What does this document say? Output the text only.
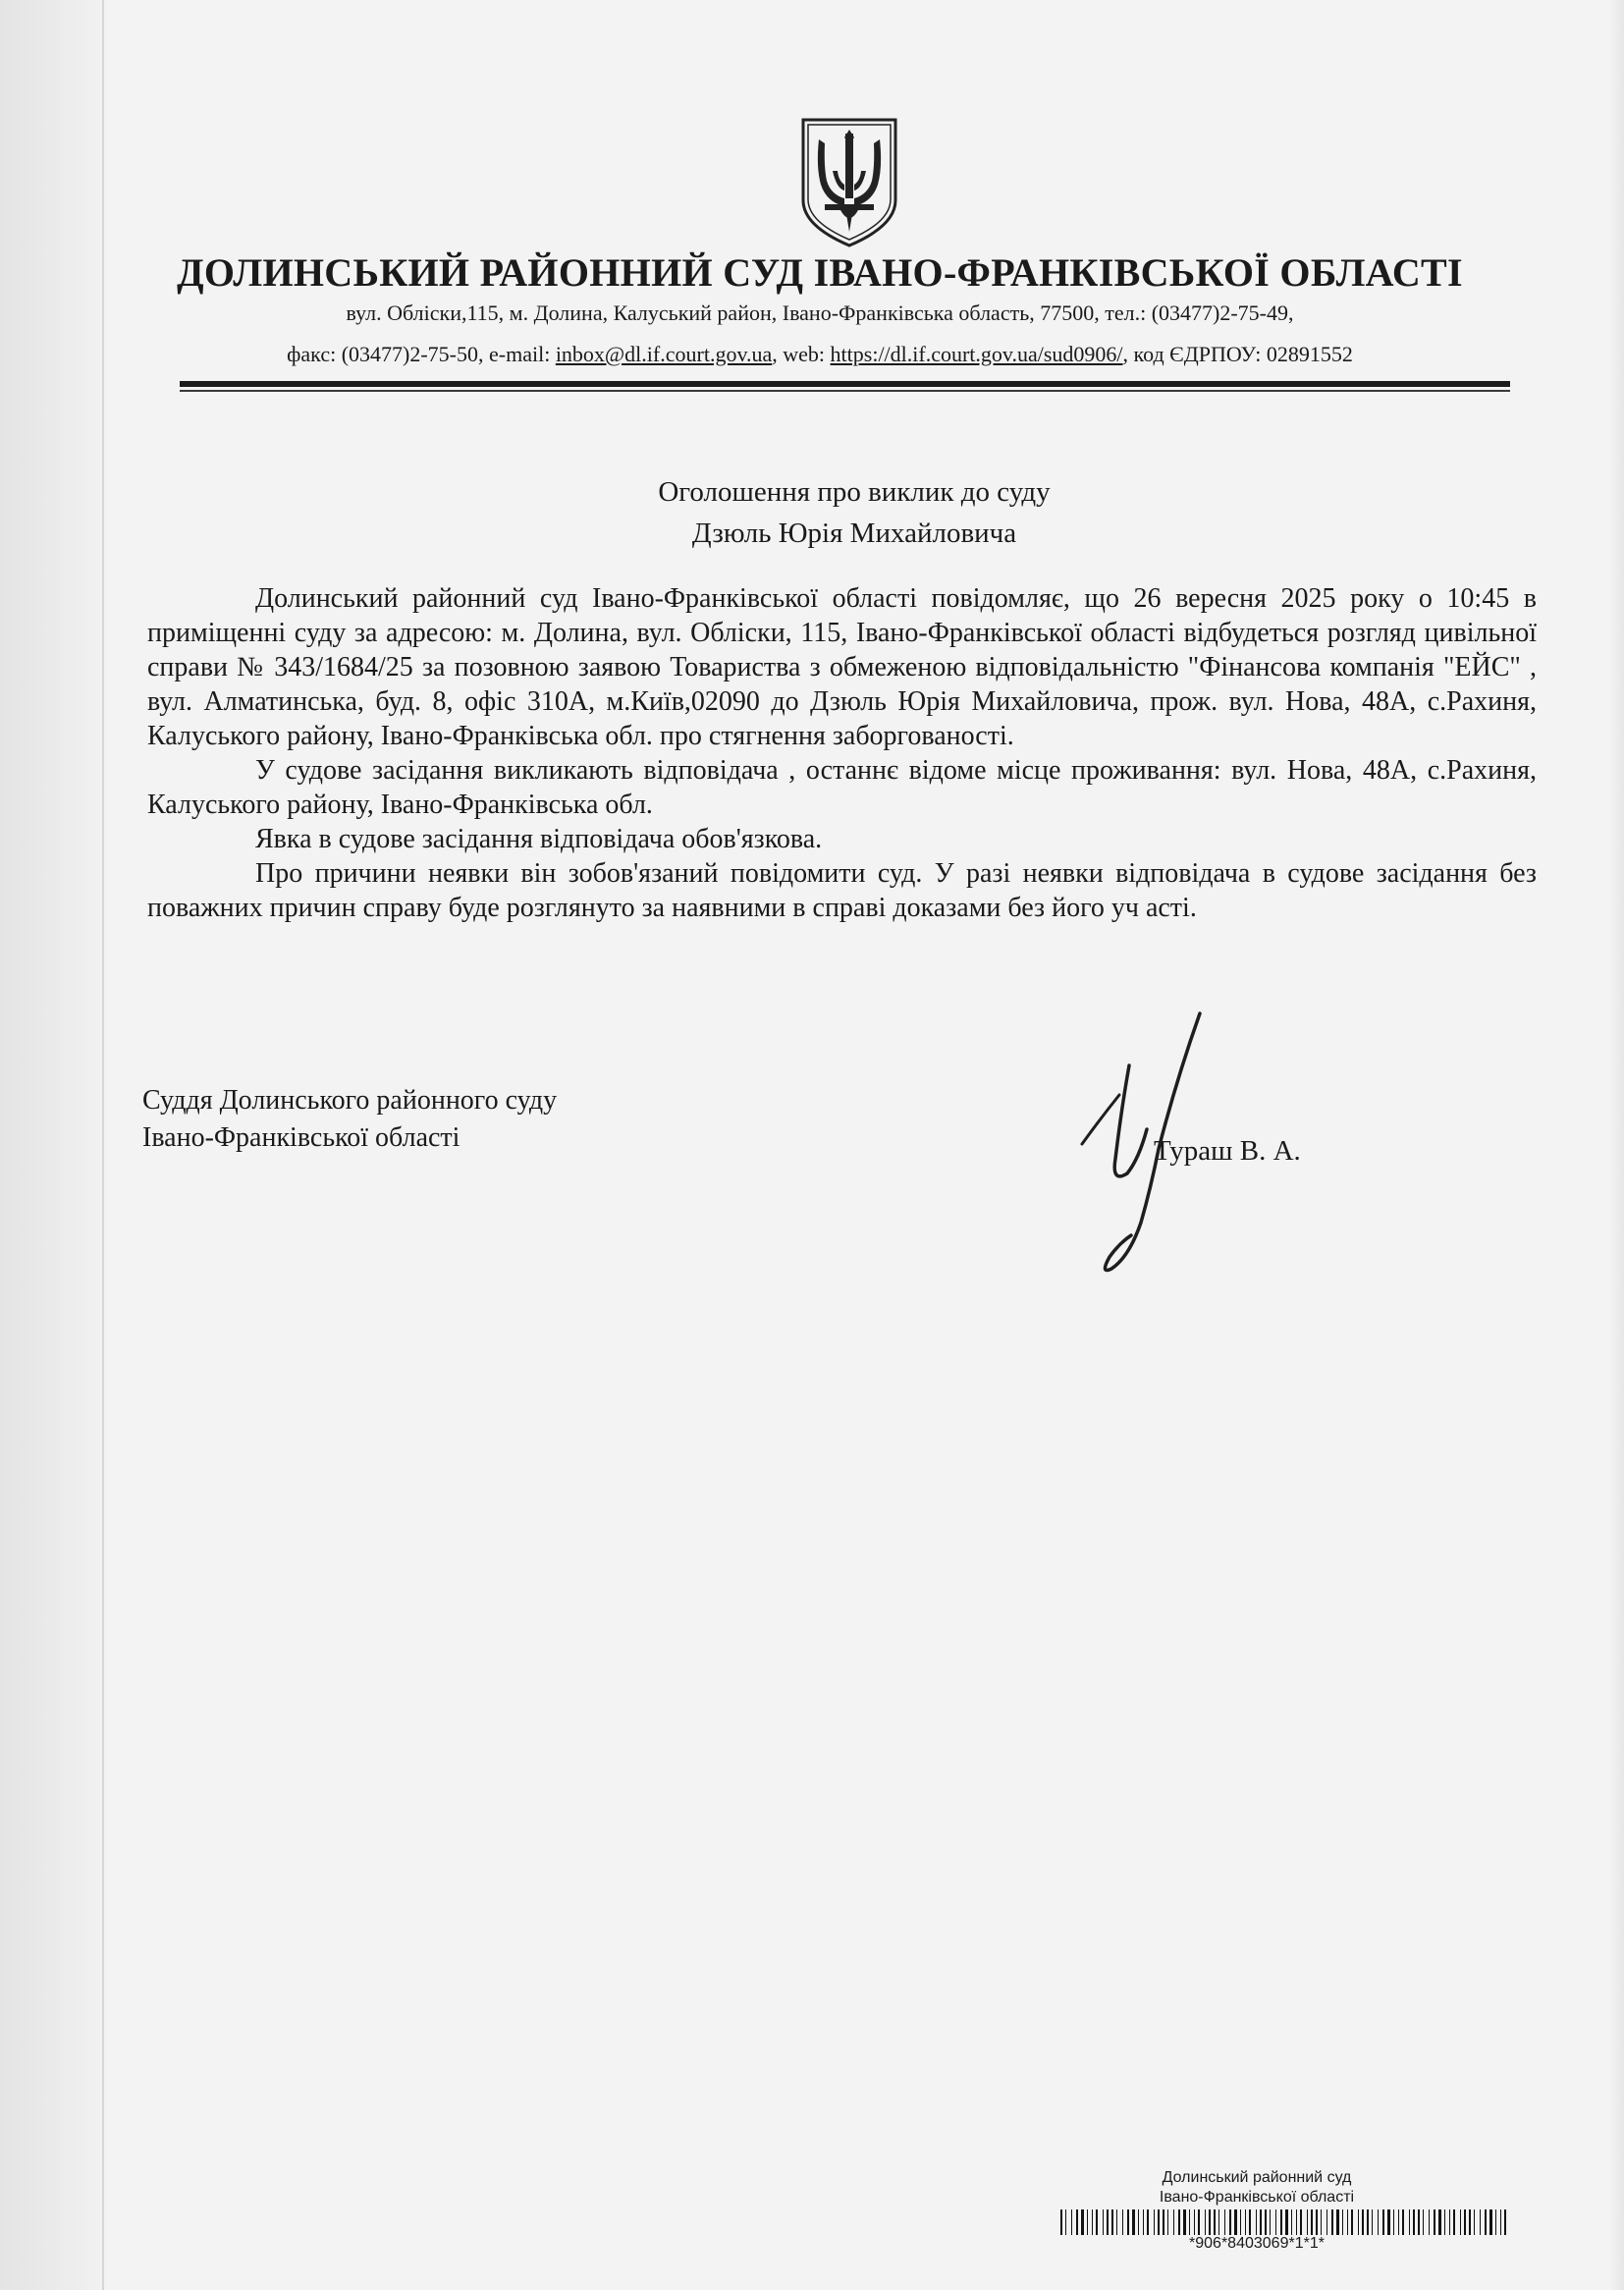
ДОЛИНСЬКИЙ РАЙОННИЙ СУД ІВАНО-ФРАНКІВСЬКОЇ ОБЛАСТІ
вул. Обліски,115, м. Долина, Калуський район, Івано-Франківська область, 77500, тел.: (03477)2-75-49,
факс: (03477)2-75-50, e-mail: inbox@dl.if.court.gov.ua, web: https://dl.if.court.gov.ua/sud0906/, код ЄДРПОУ: 02891552
Оголошення про виклик до суду
Дзюль Юрія Михайловича

Долинський районний суд Івано-Франківської області повідомляє, що 26 вересня 2025 року о 10:45 в приміщенні суду за адресою: м. Долина, вул. Обліски, 115, Івано-Франківської області відбудеться розгляд цивільної справи № 343/1684/25 за позовною заявою Товариства з обмеженою відповідальністю "Фінансова компанія "ЕЙС" , вул. Алматинська, буд. 8, офіс 310А, м.Київ,02090 до Дзюль Юрія Михайловича, прож. вул. Нова, 48А, с.Рахиня, Калуського району, Івано-Франківська обл. про стягнення заборгованості.

У судове засідання викликають відповідача , останнє відоме місце проживання: вул. Нова, 48А, с.Рахиня, Калуського району, Івано-Франківська обл.

Явка в судове засідання відповідача обов'язкова.

Про причини неявки він зобов'язаний повідомити суд. У разі неявки відповідача в судове засідання без поважних причин справу буде розглянуто за наявними в справі доказами без його уч асті.

Суддя Долинського районного суду
Івано-Франківської області	Тураш В. А.
Долинський районний суд
Івано-Франківської області
*906*8403069*1*1*
